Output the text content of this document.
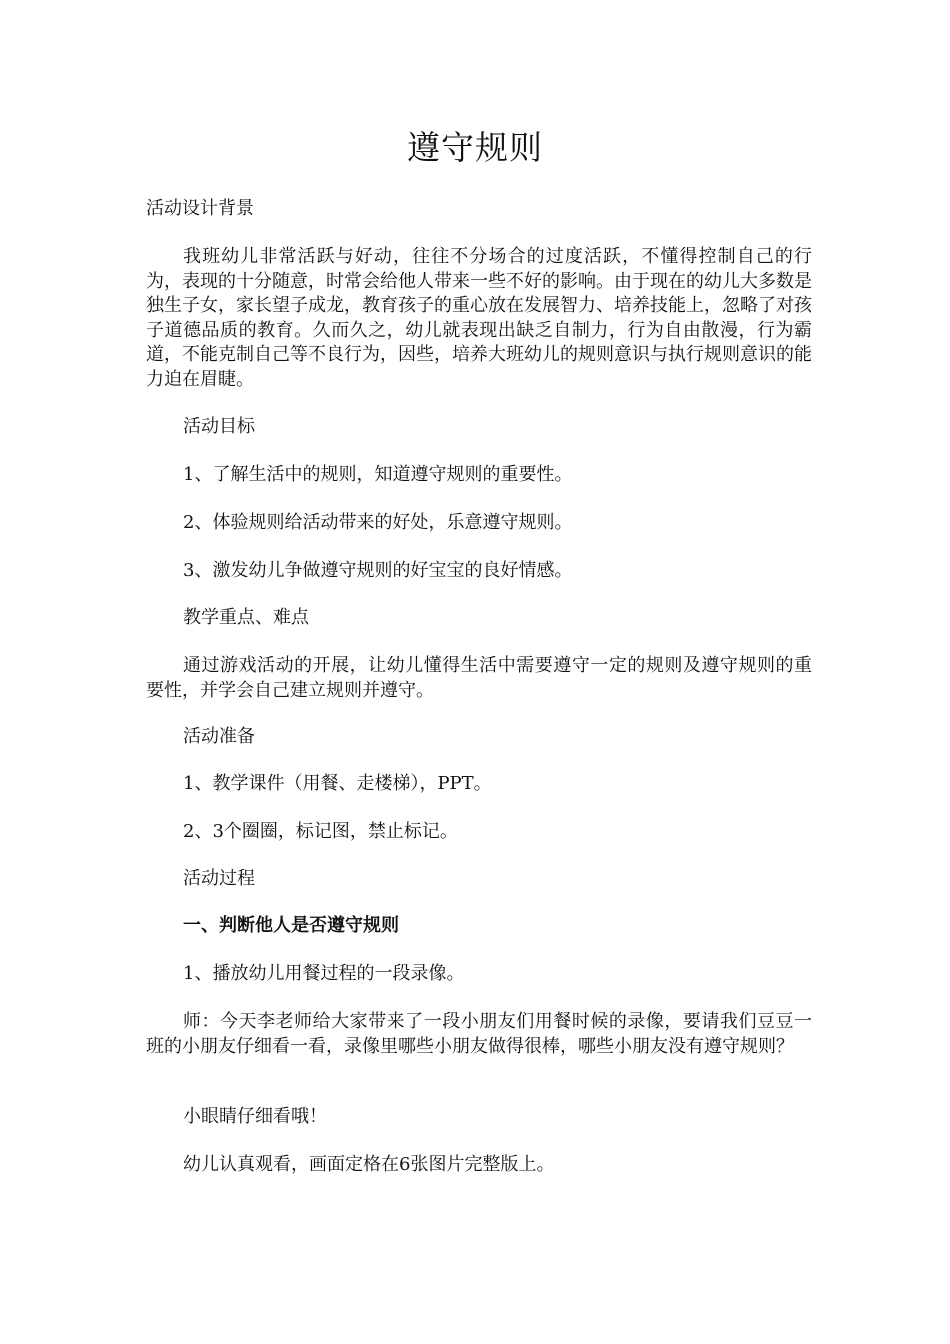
遵守规则

活动设计背景

我班幼儿非常活跃与好动，往往不分场合的过度活跃，不懂得控制自己的行为，表现的十分随意，时常会给他人带来一些不好的影响。由于现在的幼儿大多数是独生子女，家长望子成龙，教育孩子的重心放在发展智力、培养技能上，忽略了对孩子道德品质的教育。久而久之，幼儿就表现出缺乏自制力，行为自由散漫，行为霸道，不能克制自己等不良行为，因些，培养大班幼儿的规则意识与执行规则意识的能力迫在眉睫。

活动目标

1、了解生活中的规则，知道遵守规则的重要性。

2、体验规则给活动带来的好处，乐意遵守规则。

3、激发幼儿争做遵守规则的好宝宝的良好情感。

教学重点、难点

通过游戏活动的开展，让幼儿懂得生活中需要遵守一定的规则及遵守规则的重要性，并学会自己建立规则并遵守。

活动准备

1、教学课件（用餐、走楼梯），PPT。

2、3个圈圈，标记图，禁止标记。

活动过程

一、判断他人是否遵守规则

1、播放幼儿用餐过程的一段录像。

师：今天李老师给大家带来了一段小朋友们用餐时候的录像，要请我们豆豆一班的小朋友仔细看一看，录像里哪些小朋友做得很棒，哪些小朋友没有遵守规则？

小眼睛仔细看哦！

幼儿认真观看，画面定格在6张图片完整版上。
